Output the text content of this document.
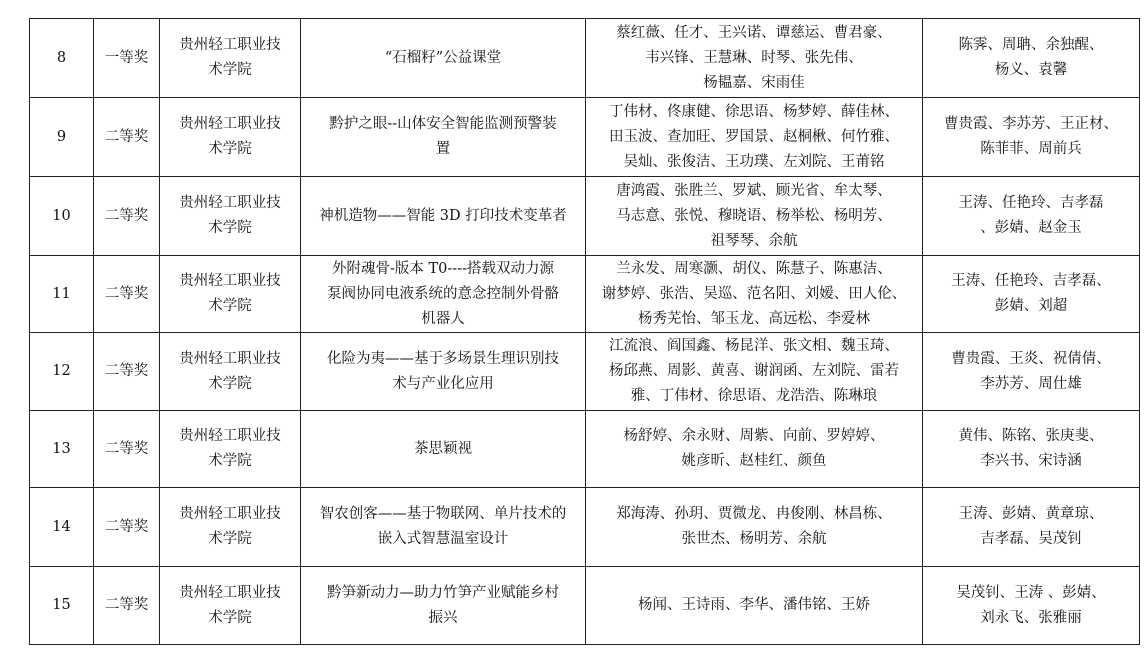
8	一等奖	贵州轻工职业技
术学院	“石榴籽”公益课堂	蔡红薇、任才、王兴诺、谭慈运、曹君豪、
韦兴锋、王慧琳、时琴、张先伟、
杨韫嘉、宋雨佳	陈霁、周聃、余独醒、
杨义、袁馨
9	二等奖	贵州轻工职业技
术学院	黔护之眼--山体安全智能监测预警装
置	丁伟材、佟康健、徐思语、杨梦婷、薛佳林、
田玉波、查加旺、罗国景、赵桐楸、何竹雅、
吴灿、张俊洁、王功璞、左刘院、王莆铭	曹贵霞、李苏芳、王正材、
陈菲菲、周前兵
10	二等奖	贵州轻工职业技
术学院	神机造物——智能 3D 打印技术变革者	唐鸿霞、张胜兰、罗斌、顾光省、牟太琴、
马志意、张悦、穆晓语、杨举松、杨明芳、
祖琴琴、余航	王涛、任艳玲、吉孝磊
、彭婧、赵金玉
11	二等奖	贵州轻工职业技
术学院	外附魂骨-版本 T0----搭载双动力源
泵阀协同电液系统的意念控制外骨骼
机器人	兰永发、周寒灏、胡仪、陈慧子、陈惠洁、
谢梦婷、张浩、吴巡、范名阳、刘嫒、田人伦、
杨秀芜怡、邹玉龙、高远松、李爱林	王涛、任艳玲、吉孝磊、
彭婧、刘超
12	二等奖	贵州轻工职业技
术学院	化险为夷——基于多场景生理识别技
术与产业化应用	江流浪、阎国鑫、杨昆洋、张文相、魏玉琦、
杨邱燕、周影、黄喜、谢润函、左刘院、雷若
雅、丁伟材、徐思语、龙浩浩、陈琳琅	曹贵霞、王炎、祝倩倩、
李苏芳、周仕雄
13	二等奖	贵州轻工职业技
术学院	茶思颖视	杨舒婷、余永财、周紫、向前、罗婷婷、
姚彦昕、赵桂红、颜鱼	黄伟、陈铭、张庚斐、
李兴书、宋诗涵
14	二等奖	贵州轻工职业技
术学院	智农创客——基于物联网、单片技术的
嵌入式智慧温室设计	郑海涛、孙玥、贾微龙、冉俊刚、林昌栋、
张世杰、杨明芳、余航	王涛、彭婧、黄章琼、
吉孝磊、吴茂钊
15	二等奖	贵州轻工职业技
术学院	黔笋新动力—助力竹笋产业赋能乡村
振兴	杨闻、王诗雨、李华、潘伟铭、王娇	吴茂钊、王涛 、彭婧、
刘永飞、张雅丽
